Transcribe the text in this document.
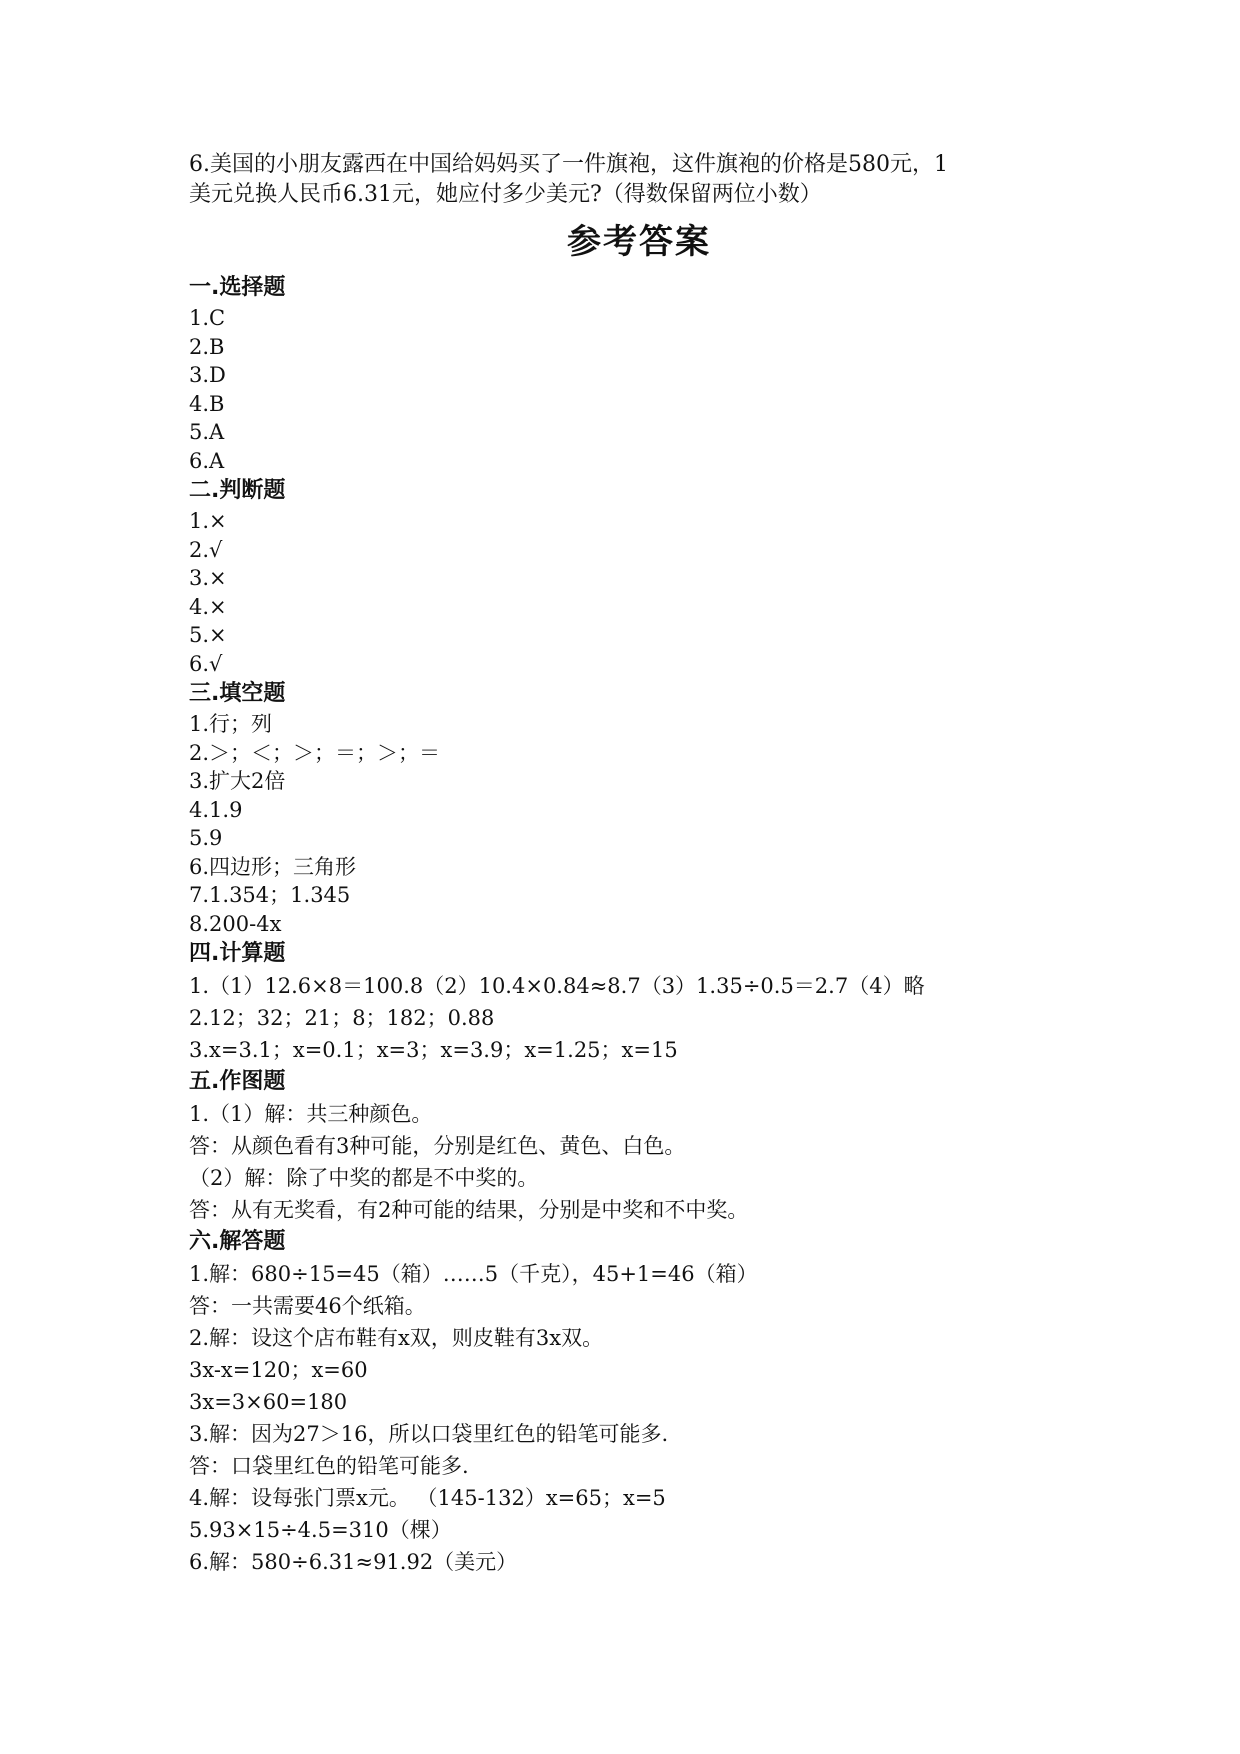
6.美国的小朋友露西在中国给妈妈买了一件旗袍，这件旗袍的价格是580元，1

美元兑换人民币6.31元，她应付多少美元?（得数保留两位小数）

参考答案

一.选择题

1.C

2.B

3.D

4.B

5.A

6.A

二.判断题

1.×

2.√

3.×

4.×

5.×

6.√

三.填空题

1.行；列

2.＞；＜；＞；＝；＞；＝

3.扩大2倍

4.1.9

5.9

6.四边形；三角形

7.1.354；1.345

8.200-4x

四.计算题

1.（1）12.6×8＝100.8（2）10.4×0.84≈8.7（3）1.35÷0.5＝2.7（4）略

2.12；32；21；8；182；0.88

3.x=3.1；x=0.1；x=3；x=3.9；x=1.25；x=15

五.作图题

1.（1）解：共三种颜色。

答：从颜色看有3种可能，分别是红色、黄色、白色。

（2）解：除了中奖的都是不中奖的。

答：从有无奖看，有2种可能的结果，分别是中奖和不中奖。

六.解答题

1.解：680÷15=45（箱）……5（千克），45+1=46（箱）

答：一共需要46个纸箱。

2.解：设这个店布鞋有x双，则皮鞋有3x双。

3x-x=120；x=60

3x=3×60=180

3.解：因为27＞16，所以口袋里红色的铅笔可能多.

答：口袋里红色的铅笔可能多.

4.解：设每张门票x元。 （145-132）x=65；x=5

5.93×15÷4.5=310（棵）

6.解：580÷6.31≈91.92（美元）
